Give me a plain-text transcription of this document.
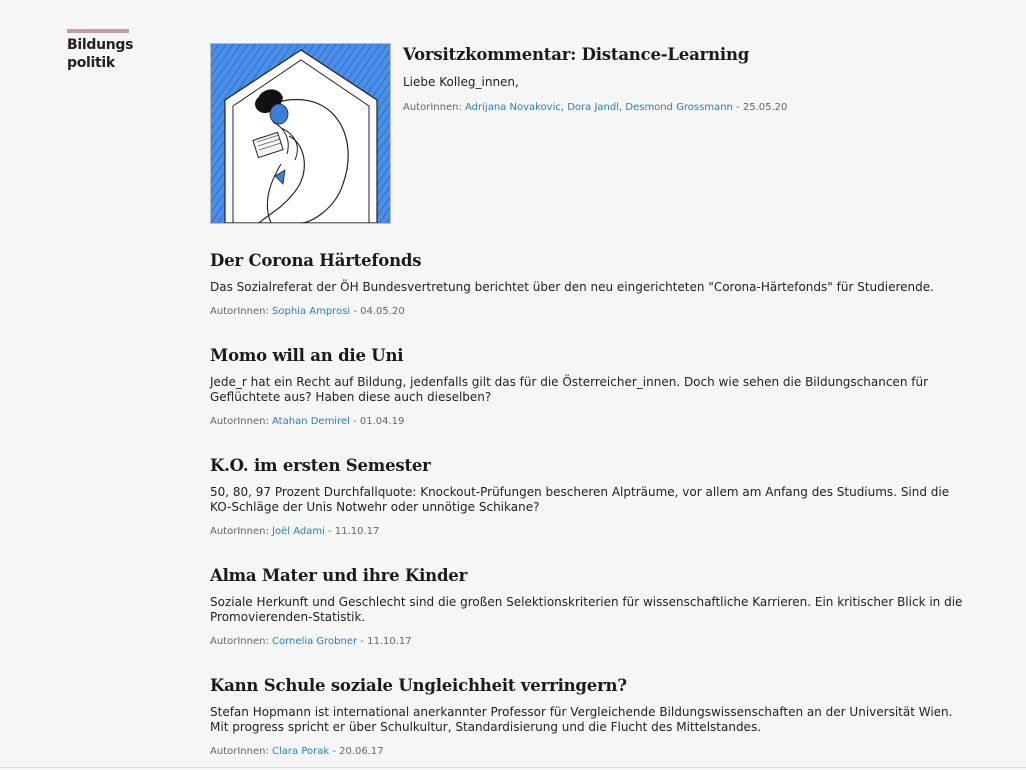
Bildungs
politik	Vorsitzkommentar: Distance-Learning
Liebe Kolleg_innen,
AutorInnen: Adrijana Novakovic, Dora Jandl, Desmond Grossmann - 25.05.20
Der Corona Härtefonds
Das Sozialreferat der ÖH Bundesvertretung berichtet über den neu eingerichteten "Corona-Härtefonds" für Studierende.
AutorInnen: Sophia Amprosi - 04.05.20
Momo will an die Uni
Jede_r hat ein Recht auf Bildung, jedenfalls gilt das für die Österreicher_innen. Doch wie sehen die Bildungschancen für Geflüchtete aus? Haben diese auch dieselben?
AutorInnen: Atahan Demirel - 01.04.19
K.O. im ersten Semester
50, 80, 97 Prozent Durchfallquote: Knockout-Prüfungen bescheren Alpträume, vor allem am Anfang des Studiums. Sind die KO-Schläge der Unis Notwehr oder unnötige Schikane?
AutorInnen: Joël Adami - 11.10.17
Alma Mater und ihre Kinder
Soziale Herkunft und Geschlecht sind die großen Selektionskriterien für wissenschaftliche Karrieren. Ein kritischer Blick in die Promovierenden-Statistik.
AutorInnen: Cornelia Grobner - 11.10.17
Kann Schule soziale Ungleichheit verringern?
Stefan Hopmann ist international anerkannter Professor für Vergleichende Bildungswissenschaften an der Universität Wien. Mit progress spricht er über Schulkultur, Standardisierung und die Flucht des Mittelstandes.
AutorInnen: Clara Porak - 20.06.17
